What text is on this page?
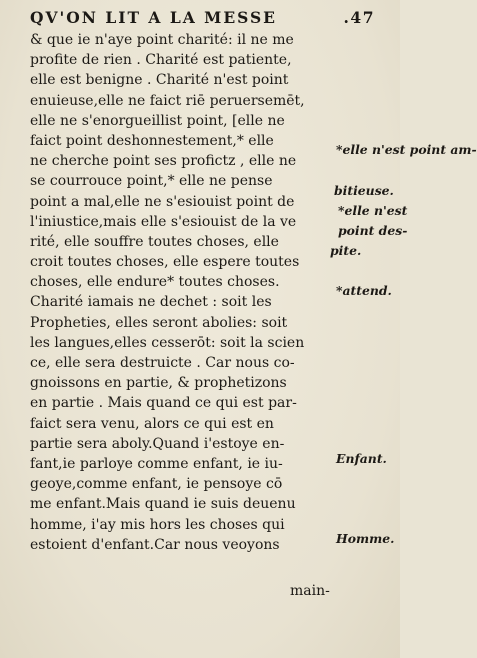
QV'ON LIT A LA MESSE	.47
& que ie n'aye point charité: il ne me
profite de rien . Charité est patiente,
elle est benigne . Charité n'est point
enuieuse,elle ne faict riē peruersemēt,
elle ne s'enorgueillist point, [elle ne
faict point deshonnestement,* elle
ne cherche point ses profictz , elle ne
se courrouce point,* elle ne pense
point a mal,elle ne s'esiouist point de
l'iniustice,mais elle s'esiouist de la ve
rité, elle souffre toutes choses, elle
croit toutes choses, elle espere toutes
choses, elle endure* toutes choses.
Charité iamais ne dechet : soit les
Propheties, elles seront abolies: soit
les langues,elles cesserōt: soit la scien
ce, elle sera destruicte . Car nous co-
gnoissons en partie, & prophetizons
en partie . Mais quand ce qui est par-
faict sera venu, alors ce qui est en
partie sera aboly.Quand i'estoye en-
fant,ie parloye comme enfant, ie iu-
geoye,comme enfant, ie pensoye cō
me enfant.Mais quand ie suis deuenu
homme, i'ay mis hors les choses qui
estoient d'enfant.Car nous veoyons
*elle n'est point am-
bitieuse.
*elle n'est
point des-
pite.
*attend.
Enfant.
Homme.
main-
